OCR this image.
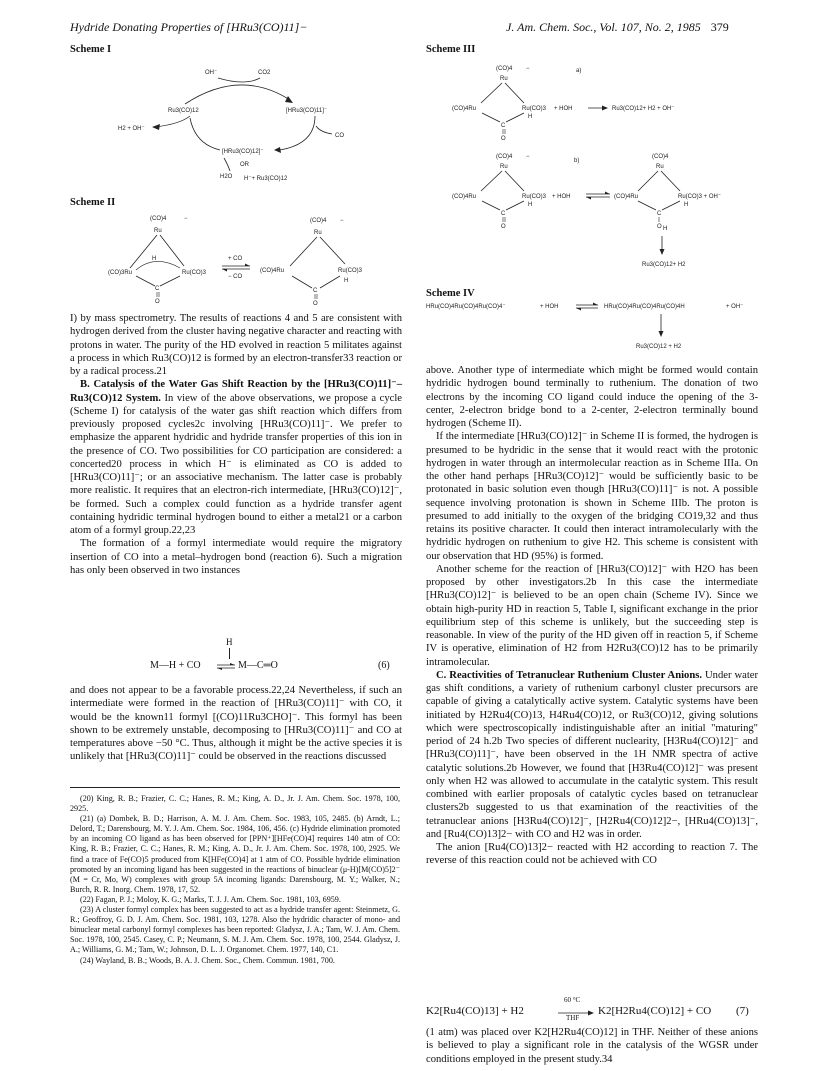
Hydride Donating Properties of [HRu3(CO)11]−	J. Am. Chem. Soc., Vol. 107, No. 2, 1985 379
Scheme I
OH⁻	CO2
Ru3(CO)12	[HRu3(CO)11]⁻
H2 + OH⁻
CO
[HRu3(CO)12]⁻
OR
H2O H⁻+ Ru3(CO)12
Scheme II
(CO)4	−
Ru
H
(CO)3Ru	Ru(CO)3
C
O
+ CO
− CO
(CO)4 −
Ru
(CO)4Ru	Ru(CO)3
H
C
O

I) by mass spectrometry. The results of reactions 4 and 5 are consistent with hydrogen derived from the cluster having negative character and reacting with protons in water. The purity of the HD evolved in reaction 5 militates against a process in which Ru3(CO)12 is formed by an electron-transfer33 reaction or by a radical process.21

B. Catalysis of the Water Gas Shift Reaction by the [HRu3(CO)11]⁻–Ru3(CO)12 System. In view of the above observations, we propose a cycle (Scheme I) for catalysis of the water gas shift reaction which differs from previously proposed cycles2c involving [HRu3(CO)11]⁻. We prefer to emphasize the apparent hydridic and hydride transfer properties of this ion in the presence of CO. Two possibilities for CO participation are considered: a concerted20 process in which H⁻ is eliminated as CO is added to [HRu3(CO)11]⁻; or an associative mechanism. The latter case is probably more realistic. It requires that an electron-rich intermediate, [HRu3(CO)12]⁻, be formed. Such a complex could function as a hydride transfer agent containing hydridic terminal hydrogen bound to either a metal21 or a carbon atom of a formyl group.22,23

The formation of a formyl intermediate would require the migratory insertion of CO into a metal–hydrogen bond (reaction 6). Such a migration has only been observed in two instances

H
M—H + CO	M—C═O	(6)

and does not appear to be a favorable process.22,24 Nevertheless, if such an intermediate were formed in the reaction of [HRu3(CO)11]⁻ with CO, it would be the known11 formyl [(CO)11Ru3CHO]⁻. This formyl has been shown to be extremely unstable, decomposing to [HRu3(CO)11]⁻ and CO at temperatures above −50 °C. Thus, although it might be the active species it is unlikely that [HRu3(CO)11]⁻ could be observed in the reactions discussed

(20) King, R. B.; Frazier, C. C.; Hanes, R. M.; King, A. D., Jr. J. Am. Chem. Soc. 1978, 100, 2925.

(21) (a) Dombek, B. D.; Harrison, A. M. J. Am. Chem. Soc. 1983, 105, 2485. (b) Arndt, L.; Delord, T.; Darensbourg, M. Y. J. Am. Chem. Soc. 1984, 106, 456. (c) Hydride elimination promoted by an incoming CO ligand as has been observed for [PPN⁺][HFe(CO)4] requires 140 atm of CO: King, R. B.; Frazier, C. C.; Hanes, R. M.; King, A. D., Jr. J. Am. Chem. Soc. 1978, 100, 2925. We find a trace of Fe(CO)5 produced from K[HFe(CO)4] at 1 atm of CO. Possible hydride elimination promoted by an incoming ligand has been suggested in the reactions of binuclear (μ-H)[M(CO)5]2⁻ (M = Cr, Mo, W) complexes with group 5A incoming ligands: Darensbourg, M. Y.; Walker, N.; Burch, R. R. Inorg. Chem. 1978, 17, 52.

(22) Fagan, P. J.; Moloy, K. G.; Marks, T. J. J. Am. Chem. Soc. 1981, 103, 6959.

(23) A cluster formyl complex has been suggested to act as a hydride transfer agent: Steinmetz, G. R.; Geoffroy, G. D. J. Am. Chem. Soc. 1981, 103, 1278. Also the hydridic character of mono- and binuclear metal carbonyl formyl complexes has been reported: Gladysz, J. A.; Tam, W. J. Am. Chem. Soc. 1978, 100, 2545. Casey, C. P.; Neumann, S. M. J. Am. Chem. Soc. 1978, 100, 2544. Gladysz, J. A.; Williams, G. M.; Tam, W.; Johnson, D. L. J. Organomet. Chem. 1977, 140, C1.

(24) Wayland, B. B.; Woods, B. A. J. Chem. Soc., Chem. Commun. 1981, 700.

Scheme III
(CO)4 −	a)
Ru
(CO)4Ru	Ru(CO)3
H
C
O
+ HOH	Ru3(CO)12+ H2 + OH⁻
(CO)4 −
b)
Ru
(CO)4Ru	Ru(CO)3
H
C
O
+ HOH
(CO)4
Ru
(CO)4Ru	Ru(CO)3 + OH⁻
H
C
O H
Ru3(CO)12+ H2
Scheme IV
HRu(CO)4Ru(CO)4Ru(CO)4⁻	+ HOH	HRu(CO)4Ru(CO)4Ru(CO)4H	+ OH⁻
Ru3(CO)12 + H2

above. Another type of intermediate which might be formed would contain hydridic hydrogen bound terminally to ruthenium. The donation of two electrons by the incoming CO ligand could induce the opening of the 3-center, 2-electron bridge bond to a 2-center, 2-electron terminally bound hydrogen (Scheme II).

If the intermediate [HRu3(CO)12]⁻ in Scheme II is formed, the hydrogen is presumed to be hydridic in the sense that it would react with the protonic hydrogen in water through an intermolecular reaction as in Scheme IIIa. On the other hand perhaps [HRu3(CO)12]⁻ would be sufficiently basic to be protonated in basic solution even though [HRu3(CO)11]⁻ is not. A possible sequence involving protonation is shown in Scheme IIIb. The proton is presumed to add initially to the oxygen of the bridging CO19,32 and thus retains its positive character. It could then interact intramolecularly with the hydridic hydrogen on ruthenium to give H2. This scheme is consistent with our observation that HD (95%) is formed.

Another scheme for the reaction of [HRu3(CO)12]⁻ with H2O has been proposed by other investigators.2b In this case the intermediate [HRu3(CO)12]⁻ is believed to be an open chain (Scheme IV). Since we obtain high-purity HD in reaction 5, Table I, significant exchange in the prior equilibrium step of this scheme is unlikely, but the succeeding step is reasonable. In view of the purity of the HD given off in reaction 5, if Scheme IV is operative, elimination of H2 from H2Ru3(CO)12 has to be primarily intramolecular.

C. Reactivities of Tetranuclear Ruthenium Cluster Anions. Under water gas shift conditions, a variety of ruthenium carbonyl cluster precursors are capable of giving a catalytically active system. Catalytic systems have been initiated by H2Ru4(CO)13, H4Ru4(CO)12, or Ru3(CO)12, giving solutions which were spectroscopically indistinguishable after an initial "maturing" period of 24 h.2b Two species of different nuclearity, [H3Ru4(CO)12]⁻ and [HRu3(CO)11]⁻, have been observed in the 1H NMR spectra of active catalytic solutions.2b However, we found that [H3Ru4(CO)12]⁻ was present only when H2 was allowed to accumulate in the catalytic system. This result combined with earlier proposals of catalytic cycles based on tetranuclear clusters2b suggested to us that examination of the reactivities of the tetranuclear anions [H3Ru4(CO)12]⁻, [H2Ru4(CO)12]2−, [HRu4(CO)13]⁻, and [Ru4(CO)13]2− with CO and H2 was in order.

The anion [Ru4(CO)13]2− reacted with H2 according to reaction 7. The reverse of this reaction could not be achieved with CO

K2[Ru4(CO)13] + H2
60 °C
THF
K2[H2Ru4(CO)12] + CO (7)

(1 atm) was placed over K2[H2Ru4(CO)12] in THF. Neither of these anions is believed to play a significant role in the catalysis of the WGSR under conditions employed in the present study.34
